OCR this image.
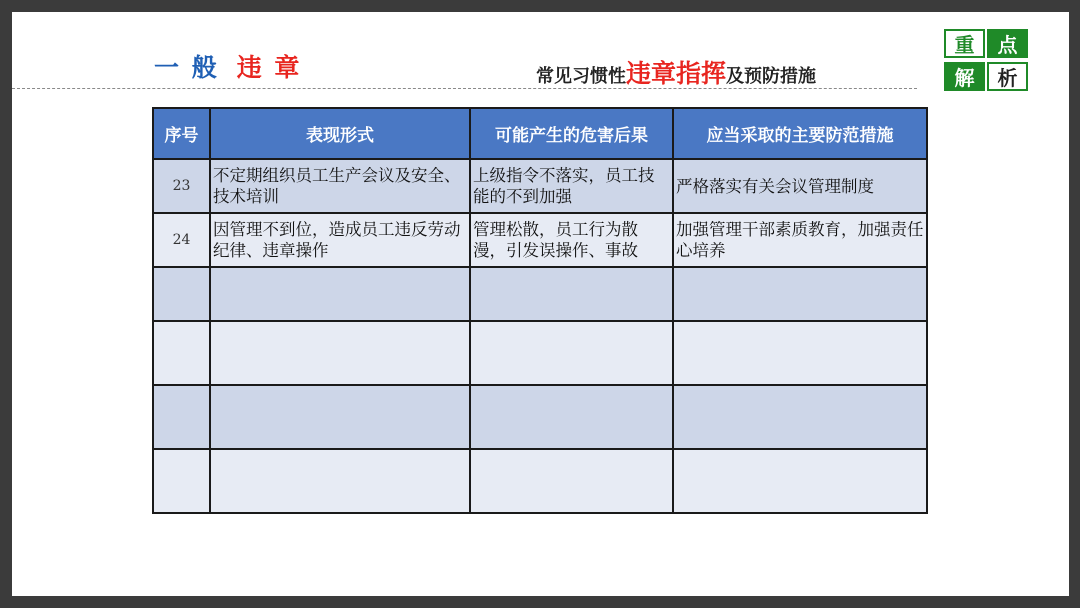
一 般 违 章	常见习惯性违章指挥及预防措施
重	点
解	析
序号	表现形式	可能产生的危害后果	应当采取的主要防范措施
23	不定期组织员工生产会议及安全、技术培训	上级指令不落实，员工技能的不到加强	严格落实有关会议管理制度
24	因管理不到位，造成员工违反劳动纪律、违章操作	管理松散，员工行为散漫，引发误操作、事故	加强管理干部素质教育，加强责任心培养
